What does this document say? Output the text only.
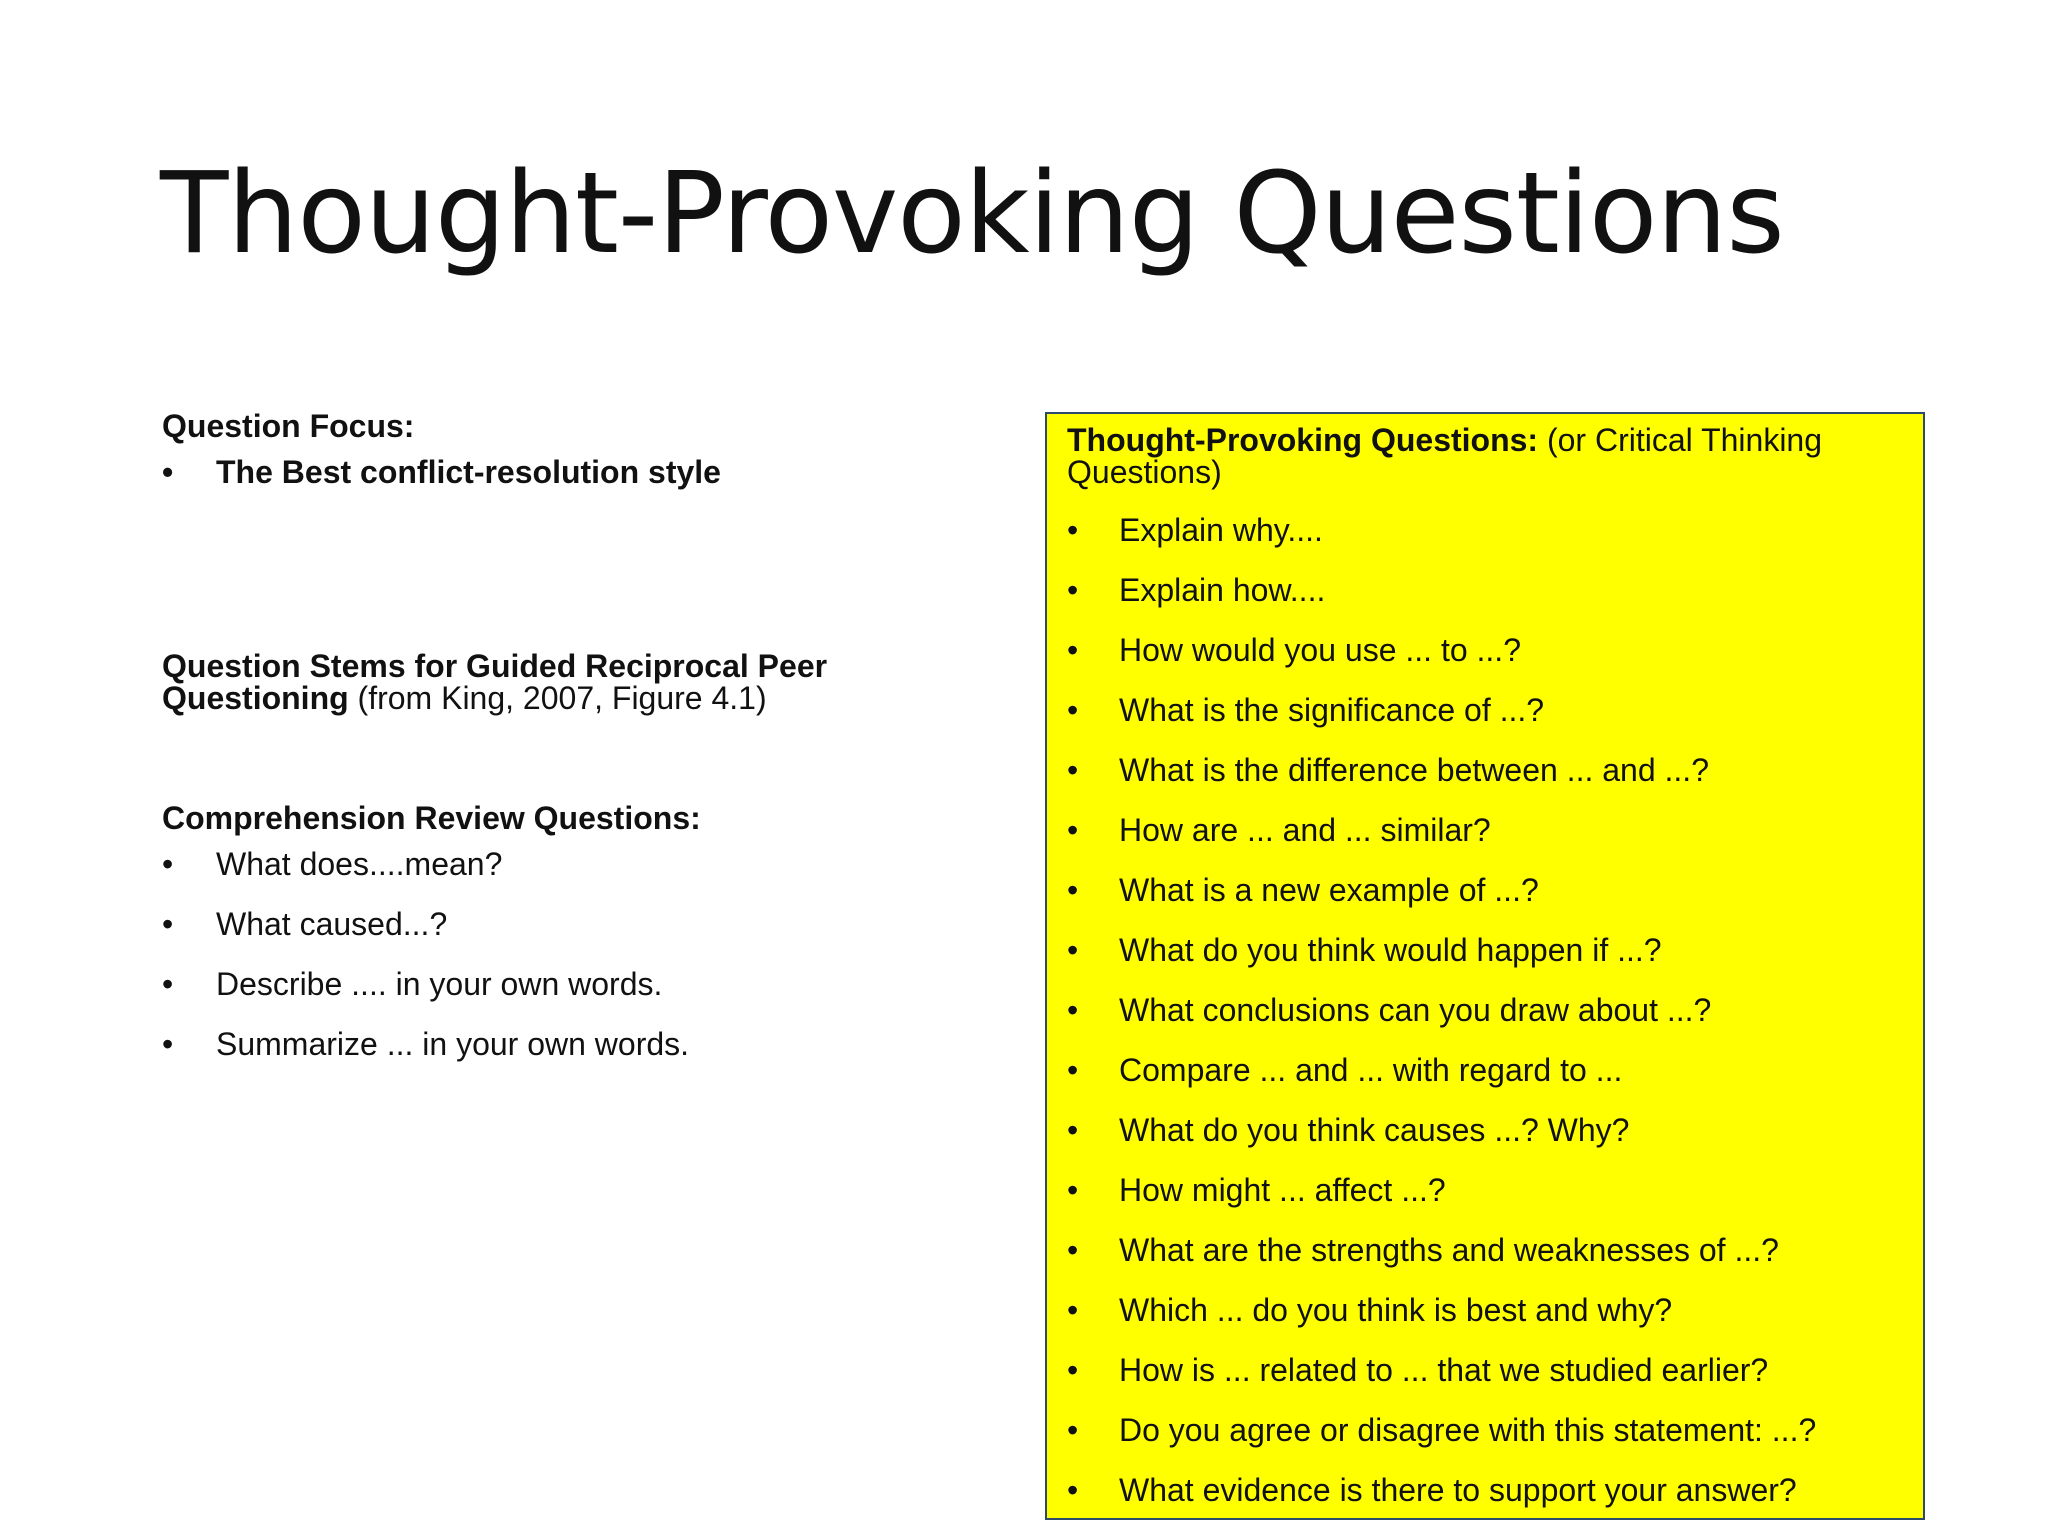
Thought-Provoking Questions

Question Focus:

• The Best conflict-resolution style

Question Stems for Guided Reciprocal Peer Questioning (from King, 2007, Figure 4.1)

Comprehension Review Questions:

• What does....mean?
• What caused...?
• Describe .... in your own words.
• Summarize ... in your own words.

Thought-Provoking Questions: (or Critical Thinking Questions)

• Explain why....
• Explain how....
• How would you use ... to ...?
• What is the significance of ...?
• What is the difference between ... and ...?
• How are ... and ... similar?
• What is a new example of ...?
• What do you think would happen if ...?
• What conclusions can you draw about ...?
• Compare ... and ... with regard to ...
• What do you think causes ...? Why?
• How might ... affect ...?
• What are the strengths and weaknesses of ...?
• Which ... do you think is best and why?
• How is ... related to ... that we studied earlier?
• Do you agree or disagree with this statement: ...?
• What evidence is there to support your answer?
